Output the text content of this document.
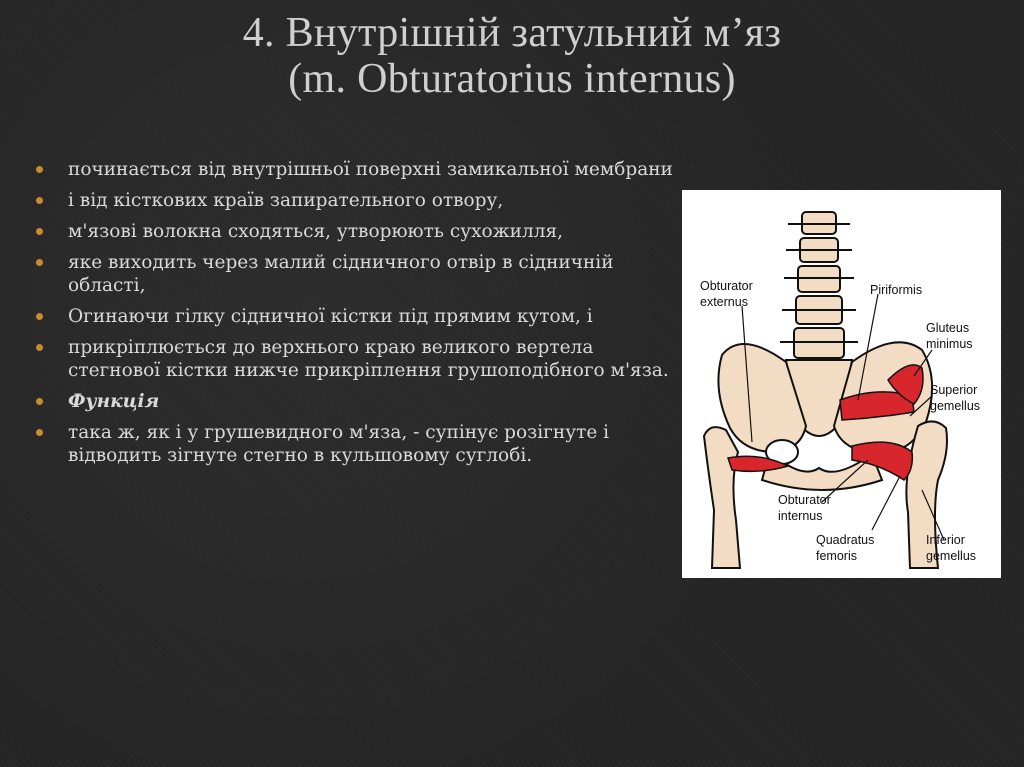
4. Внутрішній затульний м’яз
(m. Obturatorius internus)
починається від внутрішньої поверхні замикальної мембрани
і від кісткових країв запирательного отвору,
м'язові волокна сходяться, утворюють сухожилля,
яке виходить через малий сідничного отвір в сідничній області,
Огинаючи гілку сідничної кістки під прямим кутом, і
прикріплюється до верхнього краю великого вертела стегнової кістки нижче прикріплення грушоподібного м'яза.
Функція
така ж, як і у грушевидного м'яза, - супінує розігнуте і відводить зігнуте стегно в кульшовому суглобі.
Obturator
externus
Piriformis
Gluteus
minimus
Superior
gemellus
Obturator
internus
Quadratus
femoris
Inferior
gemellus
